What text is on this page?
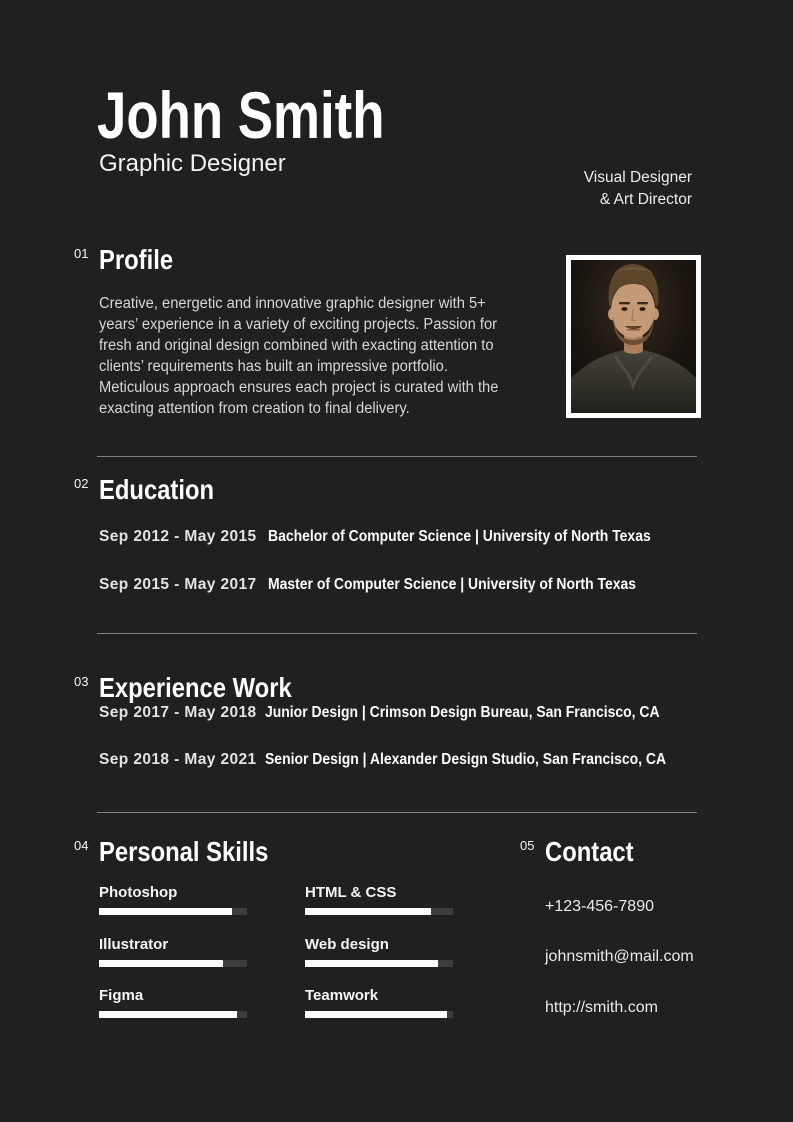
John Smith
Graphic Designer
Visual Designer
& Art Director
01 Profile
Creative, energetic and innovative graphic designer with 5+
years’ experience in a variety of exciting projects. Passion for
fresh and original design combined with exacting attention to
clients’ requirements has built an impressive portfolio.
Meticulous approach ensures each project is curated with the
exacting attention from creation to final delivery.
02 Education
Sep 2012 - May 2015 Bachelor of Computer Science | University of North Texas
Sep 2015 - May 2017 Master of Computer Science | University of North Texas
03 Experience Work
Sep 2017 - May 2018 Junior Design | Crimson Design Bureau, San Francisco, CA
Sep 2018 - May 2021 Senior Design | Alexander Design Studio, San Francisco, CA
04 Personal Skills
Photoshop
Illustrator
Figma
HTML & CSS
Web design
Teamwork
05 Contact
+123-456-7890
johnsmith@mail.com
http://smith.com
